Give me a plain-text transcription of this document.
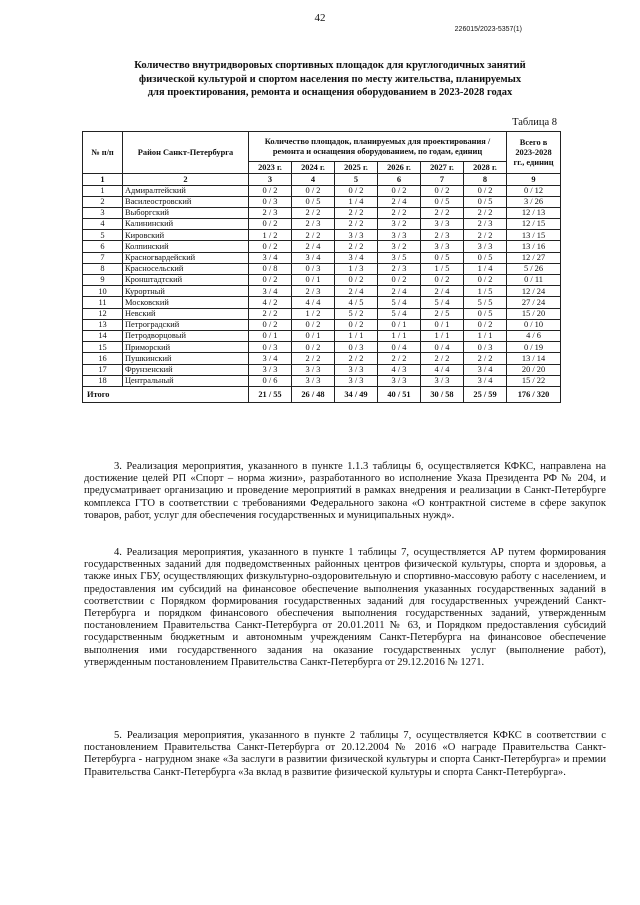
42
226015/2023-5357(1)
Количество внутридворовых спортивных площадок для круглогодичных занятий
физической культурой и спортом населения по месту жительства, планируемых
для проектирования, ремонта и оснащения оборудованием в 2023-2028 годах
Таблица 8
№ п/п	Район Санкт-Петербурга	Количество площадок, планируемых для проектирования / ремонта и оснащения оборудованием, по годам, единиц						Всего в 2023-2028 гг., единиц
		2023 г.	2024 г.	2025 г.	2026 г.	2027 г.	2028 г.	
1	2	3	4	5	6	7	8	9
1	Адмиралтейский	0 / 2	0 / 2	0 / 2	0 / 2	0 / 2	0 / 2	0 / 12
2	Василеостровский	0 / 3	0 / 5	1 / 4	2 / 4	0 / 5	0 / 5	3 / 26
3	Выборгский	2 / 3	2 / 2	2 / 2	2 / 2	2 / 2	2 / 2	12 / 13
4	Калининский	0 / 2	2 / 3	2 / 2	3 / 2	3 / 3	2 / 3	12 / 15
5	Кировский	1 / 2	2 / 2	3 / 3	3 / 3	2 / 3	2 / 2	13 / 15
6	Колпинский	0 / 2	2 / 4	2 / 2	3 / 2	3 / 3	3 / 3	13 / 16
7	Красногвардейский	3 / 4	3 / 4	3 / 4	3 / 5	0 / 5	0 / 5	12 / 27
8	Красносельский	0 / 8	0 / 3	1 / 3	2 / 3	1 / 5	1 / 4	5 / 26
9	Кронштадтский	0 / 2	0 / 1	0 / 2	0 / 2	0 / 2	0 / 2	0 / 11
10	Курортный	3 / 4	2 / 3	2 / 4	2 / 4	2 / 4	1 / 5	12 / 24
11	Московский	4 / 2	4 / 4	4 / 5	5 / 4	5 / 4	5 / 5	27 / 24
12	Невский	2 / 2	1 / 2	5 / 2	5 / 4	2 / 5	0 / 5	15 / 20
13	Петроградский	0 / 2	0 / 2	0 / 2	0 / 1	0 / 1	0 / 2	0 / 10
14	Петродворцовый	0 / 1	0 / 1	1 / 1	1 / 1	1 / 1	1 / 1	4 / 6
15	Приморский	0 / 3	0 / 2	0 / 3	0 / 4	0 / 4	0 / 3	0 / 19
16	Пушкинский	3 / 4	2 / 2	2 / 2	2 / 2	2 / 2	2 / 2	13 / 14
17	Фрунзенский	3 / 3	3 / 3	3 / 3	4 / 3	4 / 4	3 / 4	20 / 20
18	Центральный	0 / 6	3 / 3	3 / 3	3 / 3	3 / 3	3 / 4	15 / 22
Итого		21 / 55	26 / 48	34 / 49	40 / 51	30 / 58	25 / 59	176 / 320

3. Реализация мероприятия, указанного в пункте 1.1.3 таблицы 6, осуществляется КФКС, направлена на достижение целей РП «Спорт – норма жизни», разработанного во исполнение Указа Президента РФ № 204, и предусматривает организацию и проведение мероприятий в рамках внедрения и реализации в Санкт-Петербурге комплекса ГТО в соответствии с требованиями Федерального закона «О контрактной системе в сфере закупок товаров, работ, услуг для обеспечения государственных и муниципальных нужд».

4. Реализация мероприятия, указанного в пункте 1 таблицы 7, осуществляется АР путем формирования государственных заданий для подведомственных районных центров физической культуры, спорта и здоровья, а также иных ГБУ, осуществляющих физкультурно-оздоровительную и спортивно-массовую работу с населением, и предоставления им субсидий на финансовое обеспечение выполнения указанных государственных заданий в соответствии с Порядком формирования государственных заданий для государственных учреждений Санкт-Петербурга и порядком финансового обеспечения выполнения государственных заданий, утвержденным постановлением Правительства Санкт-Петербурга от 20.01.2011 № 63, и Порядком предоставления субсидий государственным бюджетным и автономным учреждениям Санкт-Петербурга на финансовое обеспечение выполнения ими государственного задания на оказание государственных услуг (выполнение работ), утвержденным постановлением Правительства Санкт-Петербурга от 29.12.2016 № 1271.

5. Реализация мероприятия, указанного в пункте 2 таблицы 7, осуществляется КФКС в соответствии с постановлением Правительства Санкт-Петербурга от 20.12.2004 № 2016 «О награде Правительства Санкт-Петербурга - нагрудном знаке «За заслуги в развитии физической культуры и спорта Санкт-Петербурга» и премии Правительства Санкт-Петербурга «За вклад в развитие физической культуры и спорта Санкт-Петербурга».
